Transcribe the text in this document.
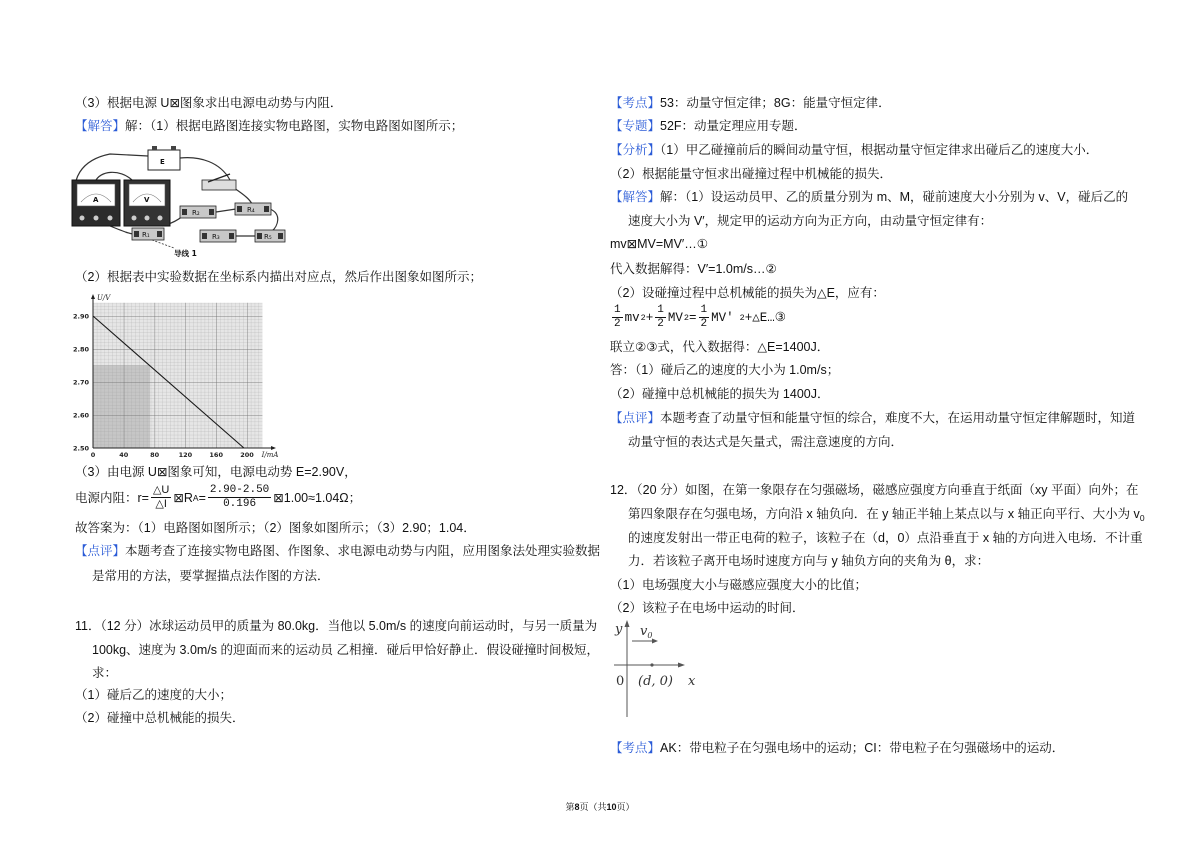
（3）根据电源 U⊠图象求出电源电动势与内阻．
【解答】解：（1）根据电路图连接实物电路图，实物电路图如图所示；
E
A	V
R₁
R₂
R₃
R₄
R₅
导线 1
（2）根据表中实验数据在坐标系内描出对应点，然后作出图象如图所示；
U/V
I/mA
0	40	80	120	160	200
2.90
2.80
2.70
2.60
2.50
（3）由电源 U⊠图象可知，电源电动势 E=2.90V，
电源内阻：$r= \frac{\triangle U}{\triangle I}$ ⊠R $A = \frac{2.90-2.50}{0.196}$ ⊠1.00≈1.04Ω；
故答案为：（1）电路图如图所示；（2）图象如图所示；（3）2.90；1.04．
【点评】本题考查了连接实物电路图、作图象、求电源电动势与内阻，应用图象法处理实验数据
是常用的方法，要掌握描点法作图的方法．
11．（12 分）冰球运动员甲的质量为 80.0kg．当他以 5.0m/s 的速度向前运动时，与另一质量为
100kg、速度为 3.0m/s 的迎面而来的运动员 乙相撞．碰后甲恰好静止．假设碰撞时间极短，
求：
（1）碰后乙的速度的大小；
（2）碰撞中总机械能的损失．
【考点】53：动量守恒定律；8G：能量守恒定律．
【专题】52F：动量定理应用专题．
【分析】（1）甲乙碰撞前后的瞬间动量守恒，根据动量守恒定律求出碰后乙的速度大小．
（2）根据能量守恒求出碰撞过程中机械能的损失．
【解答】解：（1）设运动员甲、乙的质量分别为 m、M，碰前速度大小分别为 v、V，碰后乙的
速度大小为 V′，规定甲的运动方向为正方向，由动量守恒定律有：
mv⊠MV=MV′…①
代入数据解得：V′=1.0m/s…②
（2）设碰撞过程中总机械能的损失为△E，应有：
$\frac{1}{2}$ mv $2 + \frac{1}{2}$ MV $2 = \frac{1}{2} MV'$ 2 +△E…③
联立②③式，代入数据得：△E=1400J．
答：（1）碰后乙的速度的大小为 1.0m/s；
（2）碰撞中总机械能的损失为 1400J．
【点评】本题考查了动量守恒和能量守恒的综合，难度不大，在运用动量守恒定律解题时，知道
动量守恒的表达式是矢量式，需注意速度的方向．
12．（20 分）如图，在第一象限存在匀强磁场，磁感应强度方向垂直于纸面（xy 平面）向外；在
第四象限存在匀强电场，方向沿 x 轴负向．在 y 轴正半轴上某点以与 x 轴正向平行、大小为 $v_0$
的速度发射出一带正电荷的粒子，该粒子在（d，0）点沿垂直于 x 轴的方向进入电场．不计重
力．若该粒子离开电场时速度方向与 y 轴负方向的夹角为 θ，求：
（1）电场强度大小与磁感应强度大小的比值；
（2）该粒子在电场中运动的时间．
y $v_0$
0 (d, 0) x
【考点】AK：带电粒子在匀强电场中的运动；CI：带电粒子在匀强磁场中的运动．
第8页（共10页）
